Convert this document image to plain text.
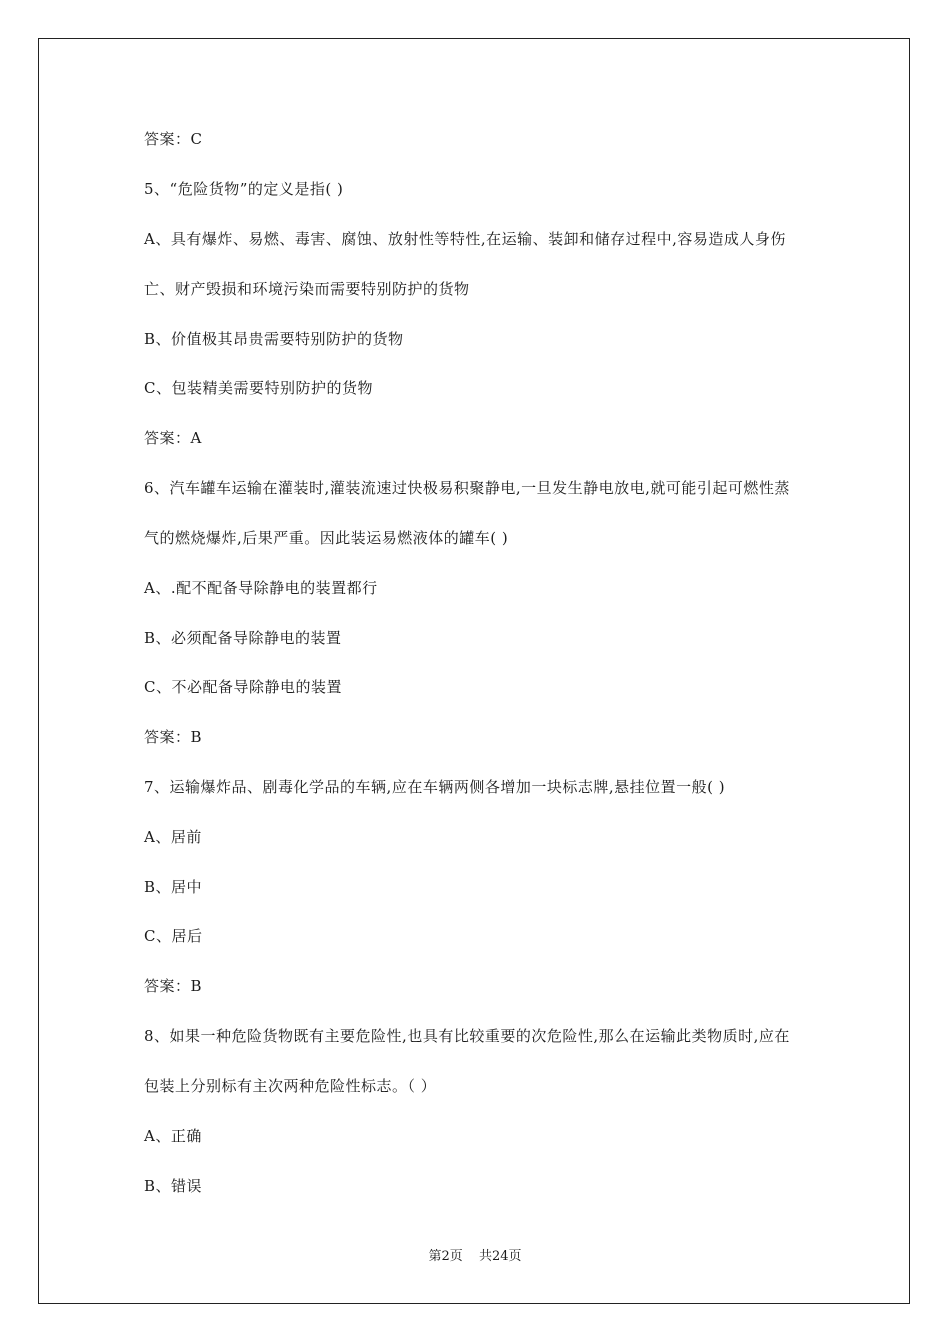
答案：C
5、“危险货物”的定义是指( )
A、具有爆炸、易燃、毒害、腐蚀、放射性等特性,在运输、装卸和储存过程中,容易造成人身伤
亡、财产毁损和环境污染而需要特别防护的货物
B、价值极其昂贵需要特别防护的货物
C、包装精美需要特别防护的货物
答案：A
6、汽车罐车运输在灌装时,灌装流速过快极易积聚静电,一旦发生静电放电,就可能引起可燃性蒸
气的燃烧爆炸,后果严重。因此装运易燃液体的罐车( )
A、.配不配备导除静电的装置都行
B、必须配备导除静电的装置
C、不必配备导除静电的装置
答案：B
7、运输爆炸品、剧毒化学品的车辆,应在车辆两侧各增加一块标志牌,悬挂位置一般( )
A、居前
B、居中
C、居后
答案：B
8、如果一种危险货物既有主要危险性,也具有比较重要的次危险性,那么在运输此类物质时,应在
包装上分别标有主次两种危险性标志。（ ）
A、正确
B、错误
第2页 共24页
